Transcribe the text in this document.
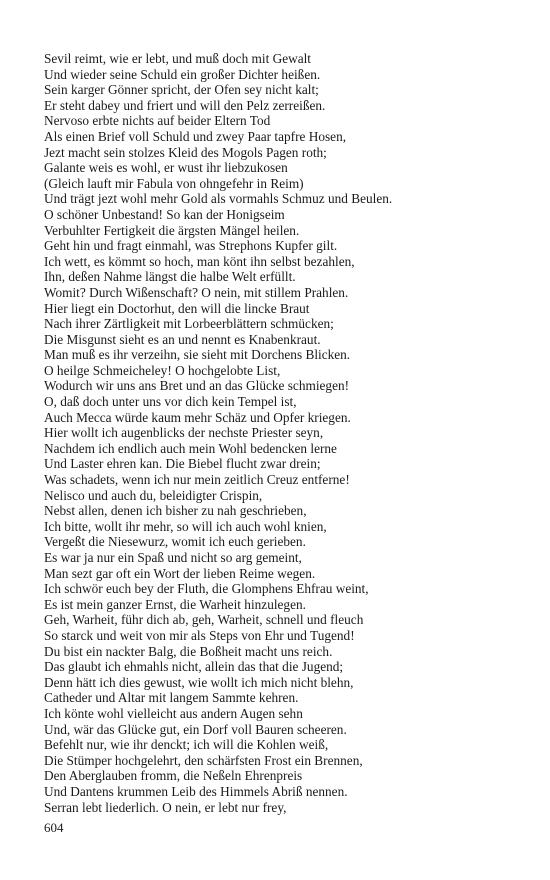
Sevil reimt, wie er lebt, und muß doch mit Gewalt
Und wieder seine Schuld ein großer Dichter heißen.
Sein karger Gönner spricht, der Ofen sey nicht kalt;
Er steht dabey und friert und will den Pelz zerreißen.
Nervoso erbte nichts auf beider Eltern Tod
Als einen Brief voll Schuld und zwey Paar tapfre Hosen,
Jezt macht sein stolzes Kleid des Mogols Pagen roth;
Galante weis es wohl, er wust ihr liebzukosen
(Gleich lauft mir Fabula von ohngefehr in Reim)
Und trägt jezt wohl mehr Gold als vormahls Schmuz und Beulen.
O schöner Unbestand! So kan der Honigseim
Verbuhlter Fertigkeit die ärgsten Mängel heilen.
Geht hin und fragt einmahl, was Strephons Kupfer gilt.
Ich wett, es kömmt so hoch, man könt ihn selbst bezahlen,
Ihn, deßen Nahme längst die halbe Welt erfüllt.
Womit? Durch Wißenschaft? O nein, mit stillem Prahlen.
Hier liegt ein Doctorhut, den will die lincke Braut
Nach ihrer Zärtligkeit mit Lorbeerblättern schmücken;
Die Misgunst sieht es an und nennt es Knabenkraut.
Man muß es ihr verzeihn, sie sieht mit Dorchens Blicken.
O heilge Schmeicheley! O hochgelobte List,
Wodurch wir uns ans Bret und an das Glücke schmiegen!
O, daß doch unter uns vor dich kein Tempel ist,
Auch Mecca würde kaum mehr Schäz und Opfer kriegen.
Hier wollt ich augenblicks der nechste Priester seyn,
Nachdem ich endlich auch mein Wohl bedencken lerne
Und Laster ehren kan. Die Biebel flucht zwar drein;
Was schadets, wenn ich nur mein zeitlich Creuz entferne!
Nelisco und auch du, beleidigter Crispin,
Nebst allen, denen ich bisher zu nah geschrieben,
Ich bitte, wollt ihr mehr, so will ich auch wohl knien,
Vergeßt die Niesewurz, womit ich euch gerieben.
Es war ja nur ein Spaß und nicht so arg gemeint,
Man sezt gar oft ein Wort der lieben Reime wegen.
Ich schwör euch bey der Fluth, die Glomphens Ehfrau weint,
Es ist mein ganzer Ernst, die Warheit hinzulegen.
Geh, Warheit, führ dich ab, geh, Warheit, schnell und fleuch
So starck und weit von mir als Steps von Ehr und Tugend!
Du bist ein nackter Balg, die Boßheit macht uns reich.
Das glaubt ich ehmahls nicht, allein das that die Jugend;
Denn hätt ich dies gewust, wie wollt ich mich nicht blehn,
Catheder und Altar mit langem Sammte kehren.
Ich könte wohl vielleicht aus andern Augen sehn
Und, wär das Glücke gut, ein Dorf voll Bauren scheeren.
Befehlt nur, wie ihr denckt; ich will die Kohlen weiß,
Die Stümper hochgelehrt, den schärfsten Frost ein Brennen,
Den Aberglauben fromm, die Neßeln Ehrenpreis
Und Dantens krummen Leib des Himmels Abriß nennen.
Serran lebt liederlich. O nein, er lebt nur frey,
604
